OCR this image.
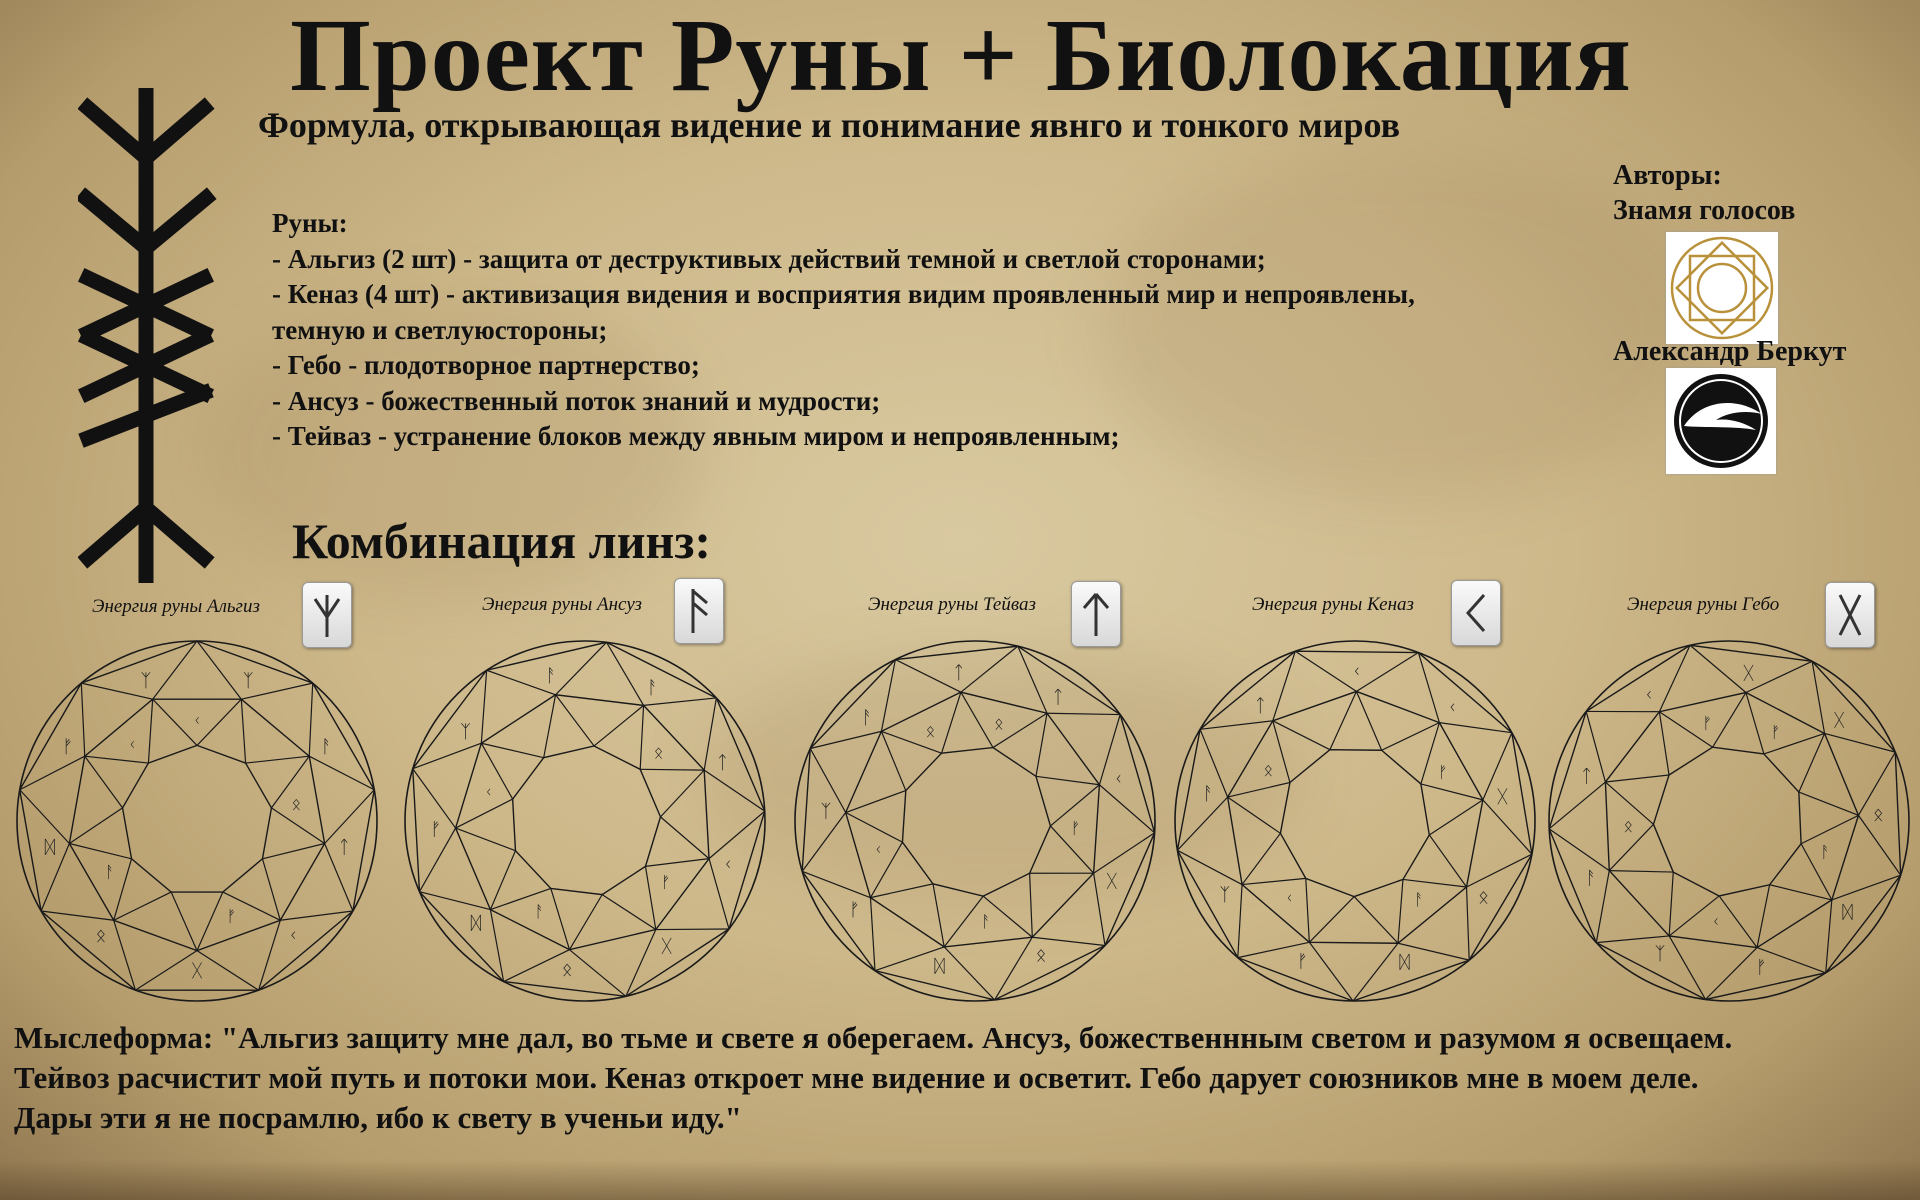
Проект Руны + Биолокация
Формула, открывающая видение и понимание явнго и тонкого миров
Руны:
- Альгиз (2 шт) - защита от деструктивых действий темной и светлой сторонами;
- Кеназ (4 шт) - активизация видения и восприятия видим проявленный мир и непроявлены,
темную и светлуюстороны;
- Гебо - плодотворное партнерство;
- Ансуз - божественный поток знаний и мудрости;
- Тейваз - устранение блоков между явным миром и непроявленным;
Авторы:
Знамя голосов
Александр Беркут
Комбинация линз:
Энергия руны Альгиз	Энергия руны Ансуз	Энергия руны Тейваз	Энергия руны Кеназ	Энергия руны Гебо
ᛉ
ᚲ
ᚨ
ᛏ
ᛟ
ᚲ
ᚷ
ᚠ
ᛟ
ᛞ
ᚨ
ᚠ
ᛉ
ᚲ
ᚨ
ᛏ
ᛟ
ᚲ
ᚷ
ᚠ
ᛟ
ᛞ
ᚨ
ᚠ
ᛉ
ᚲ
ᚨ
ᛏ
ᛟ
ᚲ
ᚷ
ᚠ
ᛟ
ᛞ
ᚨ
ᚠ
ᛉ
ᚲ
ᚨ
ᛏ
ᛟ
ᚲ
ᚷ
ᚠ
ᛟ
ᛞ
ᚨ
ᚠ
ᛉ	ᚲ
ᚨ
ᛏ
ᛟ
ᚲ
ᚷ
ᚠ
ᛟ
ᛞ
ᚨ
ᚠ
ᛉ
ᚲ
ᚨ
ᛏ
ᛟ
ᚲ
ᚷ
ᚠ
Мыслеформа: "Альгиз защиту мне дал, во тьме и свете я оберегаем. Ансуз, божественнным светом и разумом я освещаем.
Тейвоз расчистит мой путь и потоки мои. Кеназ откроет мне видение и осветит. Гебо дарует союзников мне в моем деле.
Дары эти я не посрамлю, ибо к свету в ученьи иду."
